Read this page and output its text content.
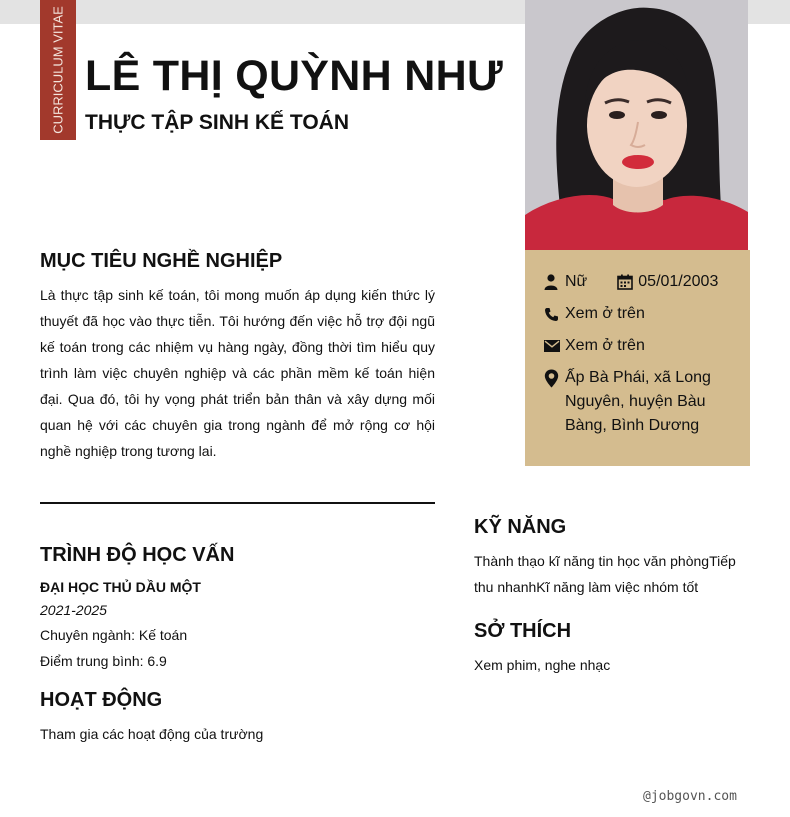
CURRICULUM VITAE LÊ THỊ QUỲNH NHƯ
THỰC TẬP SINH KẾ TOÁN
Nữ	05/01/2003
Xem ở trên
Xem ở trên
Ấp Bà Phái, xã Long
Nguyên, huyện Bàu
Bàng, Bình Dương
MỤC TIÊU NGHỀ NGHIỆP
Là thực tập sinh kế toán, tôi mong muốn áp dụng kiến thức lý thuyết đã học vào thực tiễn. Tôi hướng đến việc hỗ trợ đội ngũ kế toán trong các nhiệm vụ hàng ngày, đồng thời tìm hiểu quy trình làm việc chuyên nghiệp và các phần mềm kế toán hiện đại. Qua đó, tôi hy vọng phát triển bản thân và xây dựng mối quan hệ với các chuyên gia trong ngành để mở rộng cơ hội nghề nghiệp trong tương lai.
TRÌNH ĐỘ HỌC VẤN
ĐẠI HỌC THỦ DẦU MỘT
2021-2025
Chuyên ngành: Kế toán
Điểm trung bình: 6.9
HOẠT ĐỘNG
Tham gia các hoạt động của trường
KỸ NĂNG
Thành thạo kĩ năng tin học văn phòngTiếp thu nhanhKĩ năng làm việc nhóm tốt
SỞ THÍCH
Xem phim, nghe nhạc
@jobgovn.com
